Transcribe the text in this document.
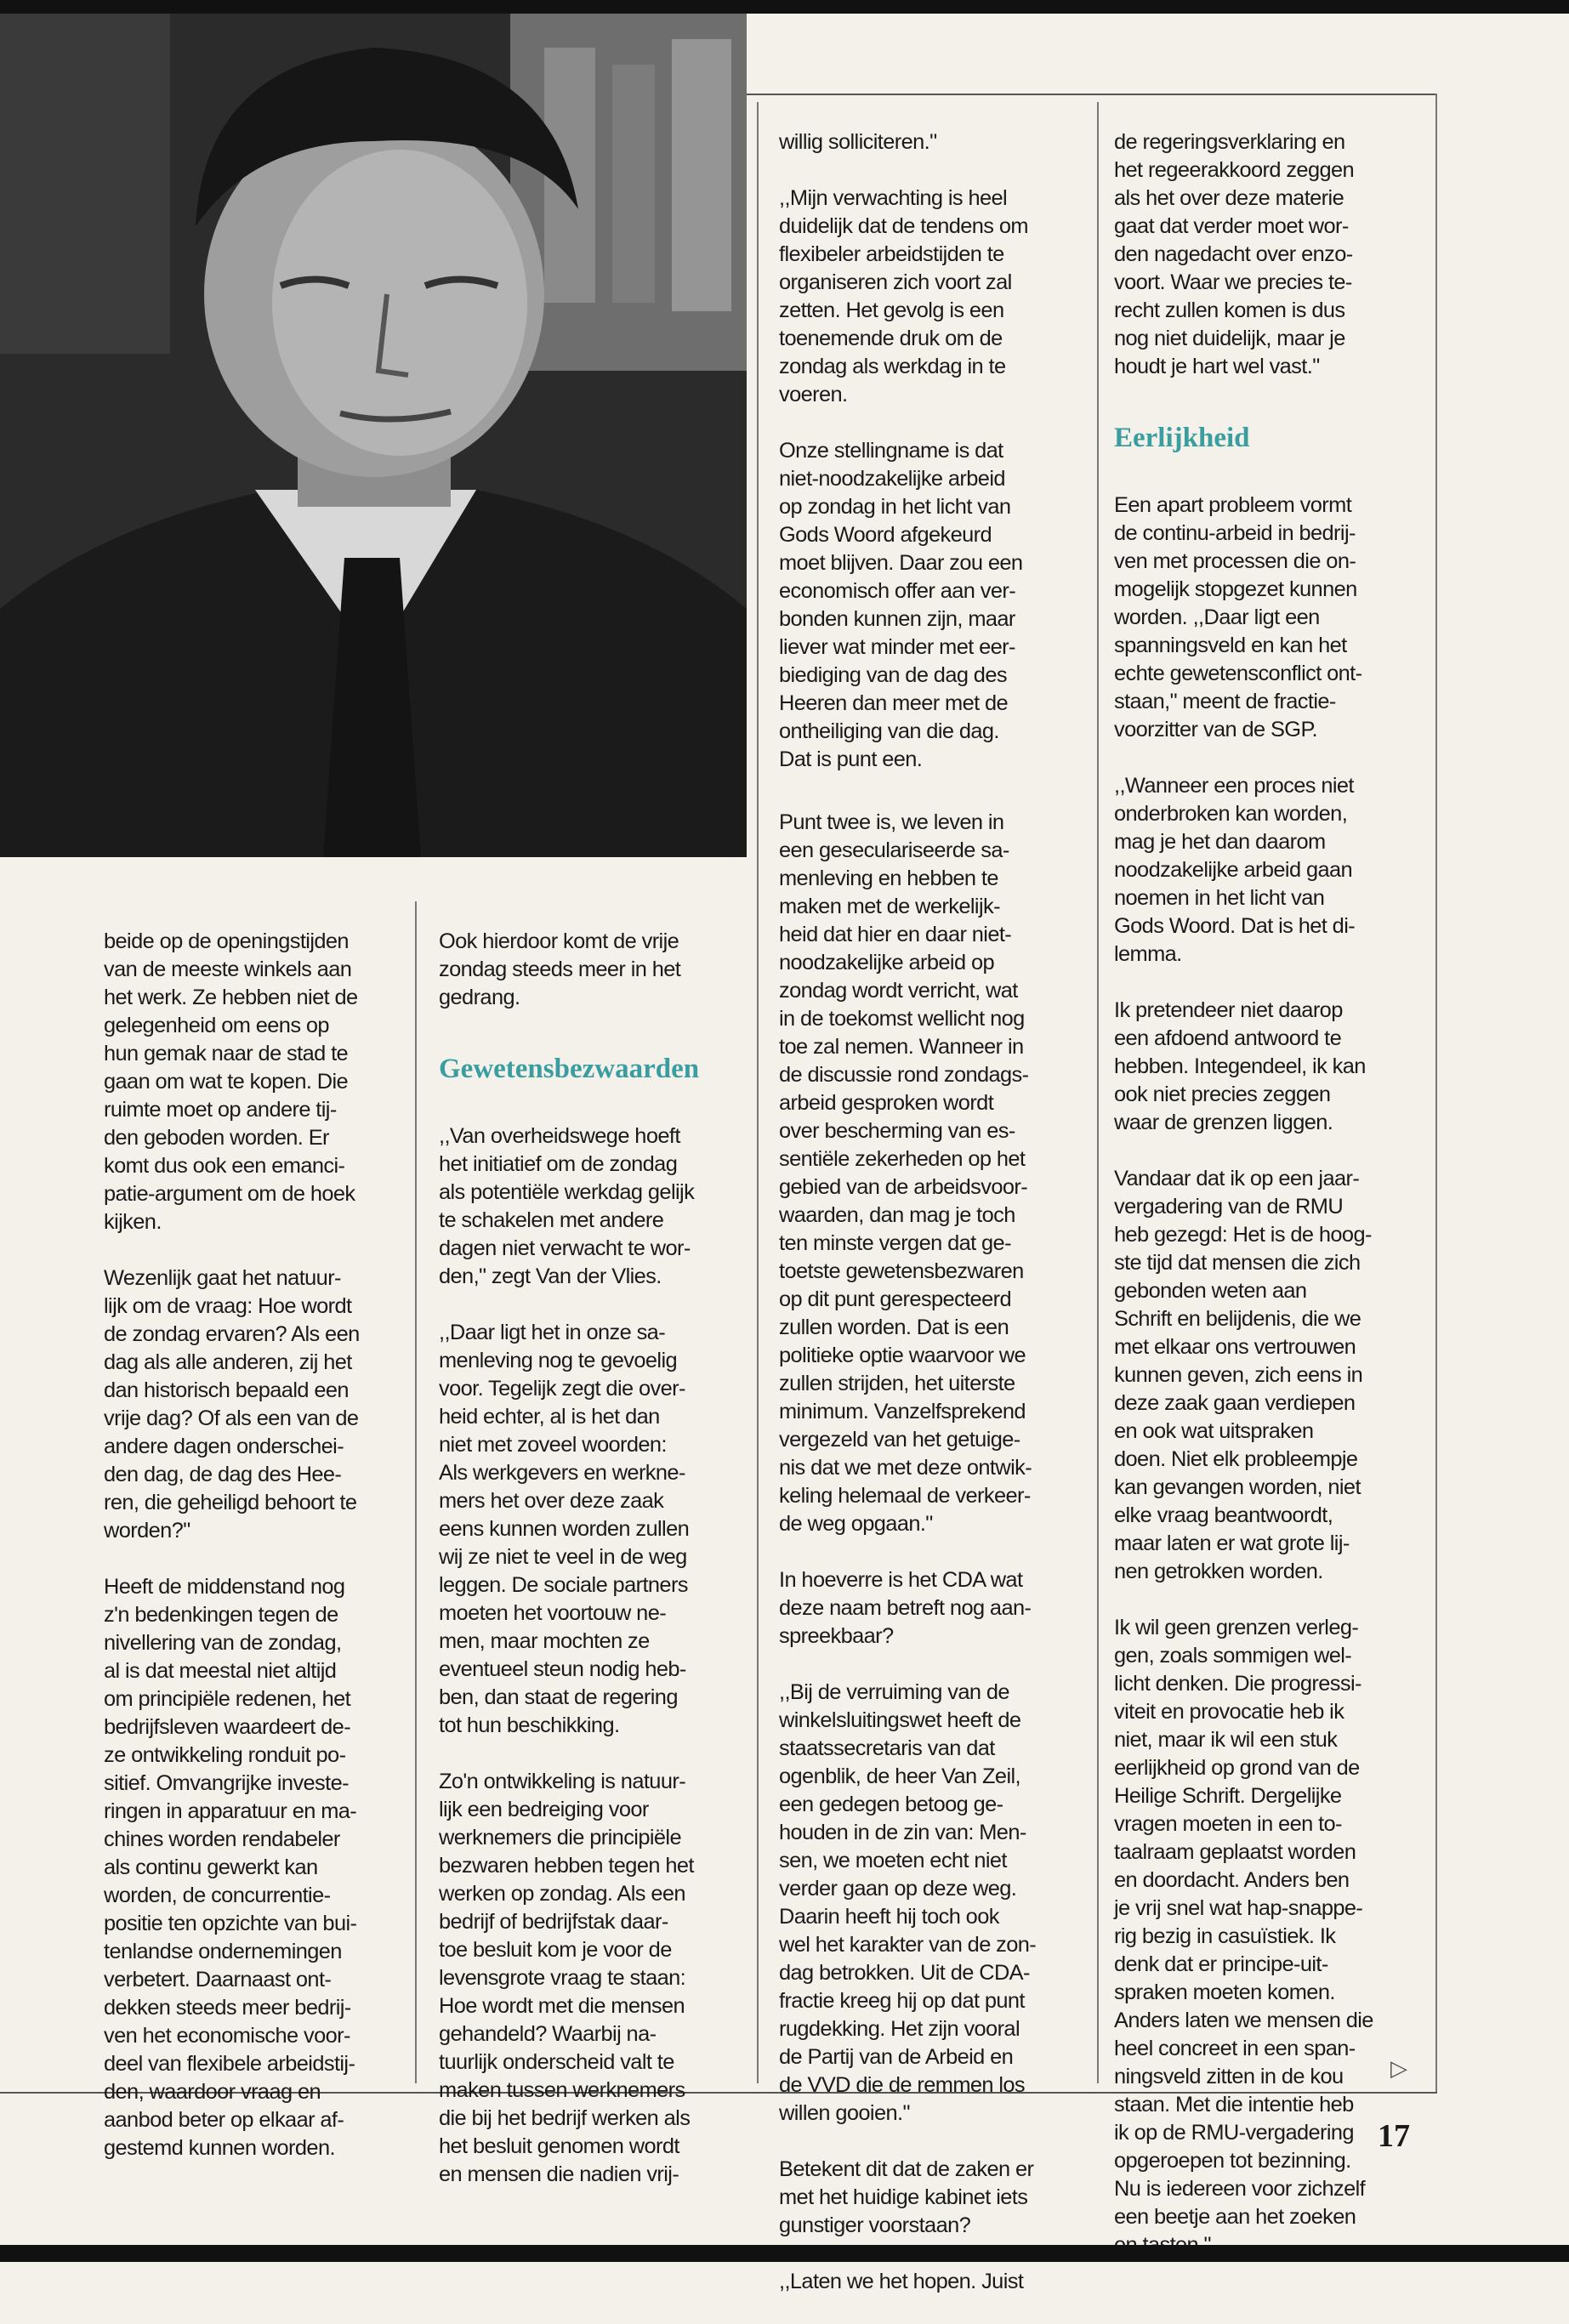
beide op de openingstijden
van de meeste winkels aan
het werk. Ze hebben niet de
gelegenheid om eens op
hun gemak naar de stad te
gaan om wat te kopen. Die
ruimte moet op andere tij-
den geboden worden. Er
komt dus ook een emanci-
patie-argument om de hoek
kijken.

Wezenlijk gaat het natuur-
lijk om de vraag: Hoe wordt
de zondag ervaren? Als een
dag als alle anderen, zij het
dan historisch bepaald een
vrije dag? Of als een van de
andere dagen onderschei-
den dag, de dag des Hee-
ren, die geheiligd behoort te
worden?"

Heeft de middenstand nog
z'n bedenkingen tegen de
nivellering van de zondag,
al is dat meestal niet altijd
om principiële redenen, het
bedrijfsleven waardeert de-
ze ontwikkeling ronduit po-
sitief. Omvangrijke investe-
ringen in apparatuur en ma-
chines worden rendabeler
als continu gewerkt kan
worden, de concurrentie-
positie ten opzichte van bui-
tenlandse ondernemingen
verbetert. Daarnaast ont-
dekken steeds meer bedrij-
ven het economische voor-
deel van flexibele arbeidstij-
den, waardoor vraag en
aanbod beter op elkaar af-
gestemd kunnen worden.

Ook hierdoor komt de vrije
zondag steeds meer in het
gedrang.

Gewetensbezwaarden

,,Van overheidswege hoeft
het initiatief om de zondag
als potentiële werkdag gelijk
te schakelen met andere
dagen niet verwacht te wor-
den," zegt Van der Vlies.

,,Daar ligt het in onze sa-
menleving nog te gevoelig
voor. Tegelijk zegt die over-
heid echter, al is het dan
niet met zoveel woorden:
Als werkgevers en werkne-
mers het over deze zaak
eens kunnen worden zullen
wij ze niet te veel in de weg
leggen. De sociale partners
moeten het voortouw ne-
men, maar mochten ze
eventueel steun nodig heb-
ben, dan staat de regering
tot hun beschikking.

Zo'n ontwikkeling is natuur-
lijk een bedreiging voor
werknemers die principiële
bezwaren hebben tegen het
werken op zondag. Als een
bedrijf of bedrijfstak daar-
toe besluit kom je voor de
levensgrote vraag te staan:
Hoe wordt met die mensen
gehandeld? Waarbij na-
tuurlijk onderscheid valt te
maken tussen werknemers
die bij het bedrijf werken als
het besluit genomen wordt
en mensen die nadien vrij-

willig solliciteren."

,,Mijn verwachting is heel
duidelijk dat de tendens om
flexibeler arbeidstijden te
organiseren zich voort zal
zetten. Het gevolg is een
toenemende druk om de
zondag als werkdag in te
voeren.

Onze stellingname is dat
niet-noodzakelijke arbeid
op zondag in het licht van
Gods Woord afgekeurd
moet blijven. Daar zou een
economisch offer aan ver-
bonden kunnen zijn, maar
liever wat minder met eer-
biediging van de dag des
Heeren dan meer met de
ontheiliging van die dag.
Dat is punt een.

Punt twee is, we leven in
een geseculariseerde sa-
menleving en hebben te
maken met de werkelijk-
heid dat hier en daar niet-
noodzakelijke arbeid op
zondag wordt verricht, wat
in de toekomst wellicht nog
toe zal nemen. Wanneer in
de discussie rond zondags-
arbeid gesproken wordt
over bescherming van es-
sentiële zekerheden op het
gebied van de arbeidsvoor-
waarden, dan mag je toch
ten minste vergen dat ge-
toetste gewetensbezwaren
op dit punt gerespecteerd
zullen worden. Dat is een
politieke optie waarvoor we
zullen strijden, het uiterste
minimum. Vanzelfsprekend
vergezeld van het getuige-
nis dat we met deze ontwik-
keling helemaal de verkeer-
de weg opgaan."

In hoeverre is het CDA wat
deze naam betreft nog aan-
spreekbaar?

,,Bij de verruiming van de
winkelsluitingswet heeft de
staatssecretaris van dat
ogenblik, de heer Van Zeil,
een gedegen betoog ge-
houden in de zin van: Men-
sen, we moeten echt niet
verder gaan op deze weg.
Daarin heeft hij toch ook
wel het karakter van de zon-
dag betrokken. Uit de CDA-
fractie kreeg hij op dat punt
rugdekking. Het zijn vooral
de Partij van de Arbeid en
de VVD die de remmen los
willen gooien."

Betekent dit dat de zaken er
met het huidige kabinet iets
gunstiger voorstaan?

,,Laten we het hopen. Juist

de regeringsverklaring en
het regeerakkoord zeggen
als het over deze materie
gaat dat verder moet wor-
den nagedacht over enzo-
voort. Waar we precies te-
recht zullen komen is dus
nog niet duidelijk, maar je
houdt je hart wel vast."

Eerlijkheid

Een apart probleem vormt
de continu-arbeid in bedrij-
ven met processen die on-
mogelijk stopgezet kunnen
worden. ,,Daar ligt een
spanningsveld en kan het
echte gewetensconflict ont-
staan," meent de fractie-
voorzitter van de SGP.

,,Wanneer een proces niet
onderbroken kan worden,
mag je het dan daarom
noodzakelijke arbeid gaan
noemen in het licht van
Gods Woord. Dat is het di-
lemma.

Ik pretendeer niet daarop
een afdoend antwoord te
hebben. Integendeel, ik kan
ook niet precies zeggen
waar de grenzen liggen.

Vandaar dat ik op een jaar-
vergadering van de RMU
heb gezegd: Het is de hoog-
ste tijd dat mensen die zich
gebonden weten aan
Schrift en belijdenis, die we
met elkaar ons vertrouwen
kunnen geven, zich eens in
deze zaak gaan verdiepen
en ook wat uitspraken
doen. Niet elk probleempje
kan gevangen worden, niet
elke vraag beantwoordt,
maar laten er wat grote lij-
nen getrokken worden.

Ik wil geen grenzen verleg-
gen, zoals sommigen wel-
licht denken. Die progressi-
viteit en provocatie heb ik
niet, maar ik wil een stuk
eerlijkheid op grond van de
Heilige Schrift. Dergelijke
vragen moeten in een to-
taalraam geplaatst worden
en doordacht. Anders ben
je vrij snel wat hap-snappe-
rig bezig in casuïstiek. Ik
denk dat er principe-uit-
spraken moeten komen.
Anders laten we mensen die
heel concreet in een span-
ningsveld zitten in de kou
staan. Met die intentie heb
ik op de RMU-vergadering
opgeroepen tot bezinning.
Nu is iedereen voor zichzelf
een beetje aan het zoeken

▷
17
